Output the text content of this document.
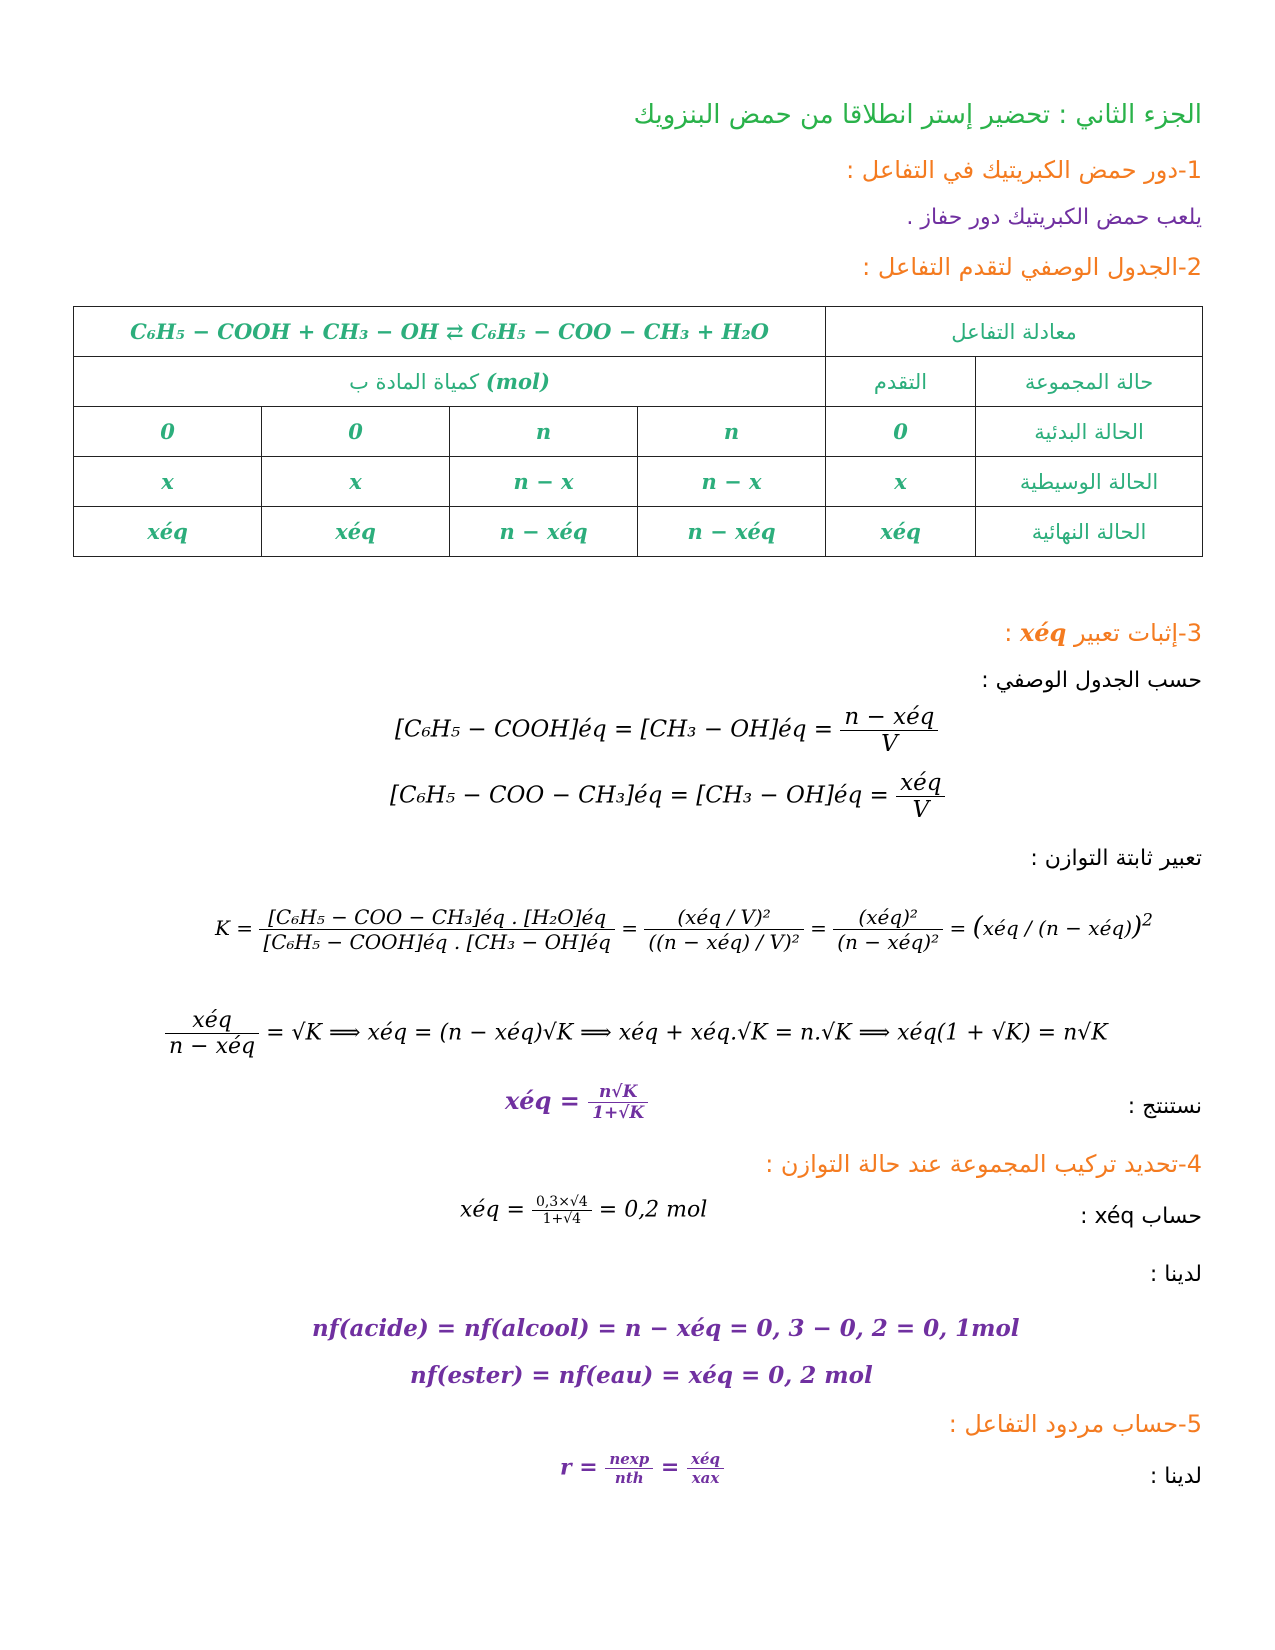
الجزء الثاني : تحضير إستر انطلاقا من حمض البنزويك
1-دور حمض الكبريتيك في التفاعل :
يلعب حمض الكبريتيك دور حفاز .
2-الجدول الوصفي لتقدم التفاعل :
C₆H₅ − COOH + CH₃ − OH ⇄ C₆H₅ − COO − CH₃ + H₂O				معادلة التفاعل	
كمياة المادة ب (mol)				التقدم	حالة المجموعة
0	0	n	n	0	الحالة البدئية
x	x	n − x	n − x	x	الحالة الوسيطية
xéq	xéq	n − xéq	n − xéq	xéq	الحالة النهائية
3-إثبات تعبير xéq :
حسب الجدول الوصفي :
[C₆H₅ − COOH]éq = [CH₃ − OH]éq = $\frac{\text{n − xéq}}{V}$
[C₆H₅ − COO − CH₃]éq = [CH₃ − OH]éq = $\frac{\text{xéq}}{V}$
تعبير ثابتة التوازن :
$K = \frac{\text{[C₆H₅ − COO − CH₃]éq . [H₂O]éq}}{\text{[C₆H₅ − COOH]éq . [CH₃ − OH]éq}} = \frac{\text{(xéq / V)²}}{\text{((n − xéq) / V)²}} = \frac{\text{(xéq)²}}{\text{(n − xéq)²}}$ = (xéq / (n − xéq))$^2$
$\frac{\text{xéq}}{\text{n − xéq}} = √K$ ⟹ xéq = (n − xéq)√K ⟹ xéq + xéq.√K = n.√K ⟹ xéq(1 + √K) = n√K
نستنتج :
xéq = $\frac{n√K}{1+√K}$
4-تحديد تركيب المجموعة عند حالة التوازن :
حساب xéq :
xéq = $\frac{0,3\times√4}{1+√4} = 0,2$ mol
لدينا :
nf(acide) = nf(alcool) = n − xéq = 0, 3 − 0, 2 = 0, 1mol
nf(ester) = nf(eau) = xéq = 0, 2 mol
5-حساب مردود التفاعل :
لدينا :
$r = \frac{nexp}{\text{nth}} = \frac{\text{xéq}}{\text{xax}}$
